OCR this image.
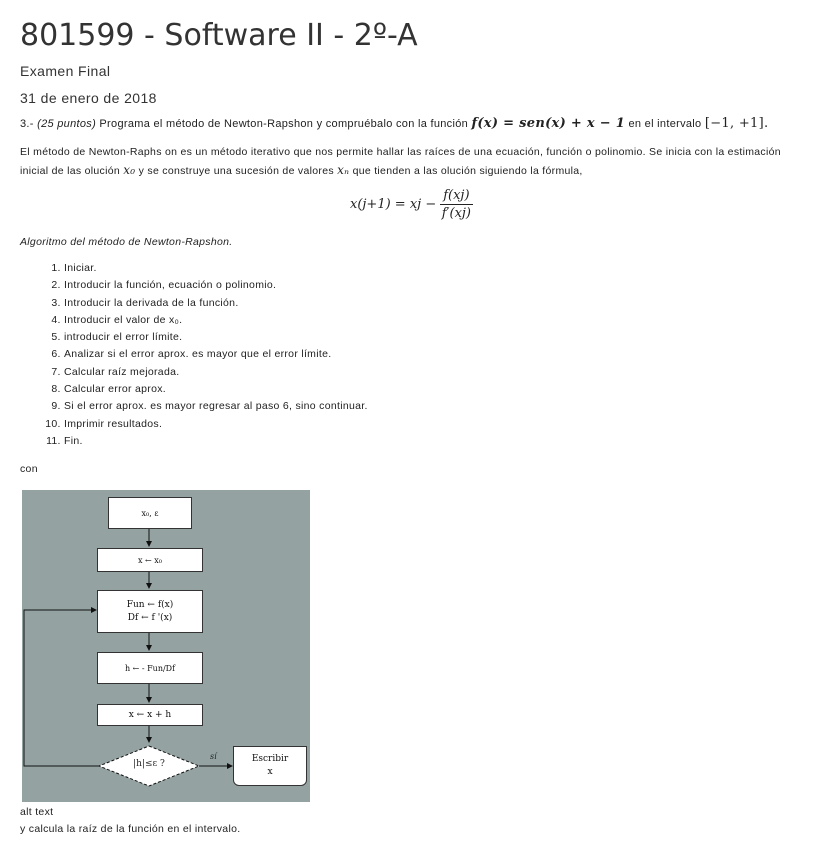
801599 - Software II - 2º-A
Examen Final
31 de enero de 2018
3.- (25 puntos) Programa el método de Newton-Rapshon y compruébalo con la función f(x) = sen(x) + x − 1 en el intervalo [−1, +1].
El método de Newton-Raphs on es un método iterativo que nos permite hallar las raíces de una ecuación, función o polinomio. Se inicia con la estimación inicial de las olución x₀ y se construye una sucesión de valores xₙ que tienden a las olución siguiendo la fórmula,
x(j+1) = xj − $\frac{f(xj)}{f'(xj)}$
Algoritmo del método de Newton-Rapshon.
1. Iniciar.
2. Introducir la función, ecuación o polinomio.
3. Introducir la derivada de la función.
4. Introducir el valor de x₀.
5. introducir el error límite.
6. Analizar si el error aprox. es mayor que el error límite.
7. Calcular raíz mejorada.
8. Calcular error aprox.
9. Si el error aprox. es mayor regresar al paso 6, sino continuar.
10. Imprimir resultados.
11. Fin.
con
x₀, ε
x ← x₀
Fun ← f(x)
Df ← f '(x)
h ← - Fun/Df
x ← x + h
|h|≤ε ?
sí	Escribir
x
alt text
y calcula la raíz de la función en el intervalo.
